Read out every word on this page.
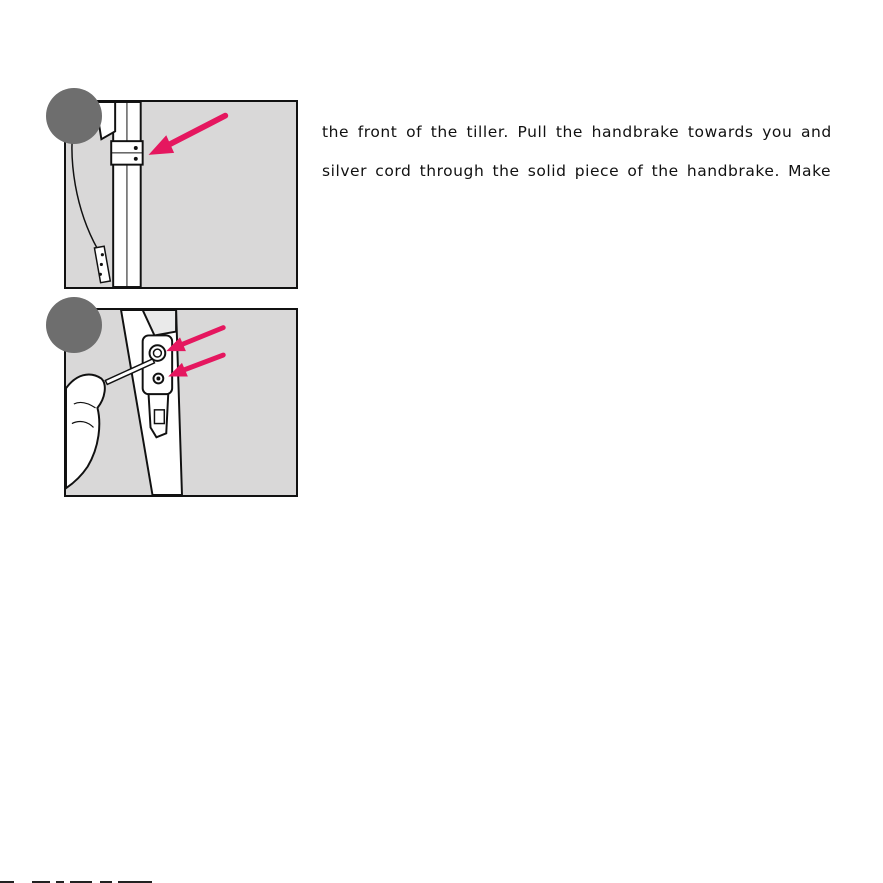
the front of the tiller. Pull the handbrake towards you and
silver cord through the solid piece of the handbrake. Make
